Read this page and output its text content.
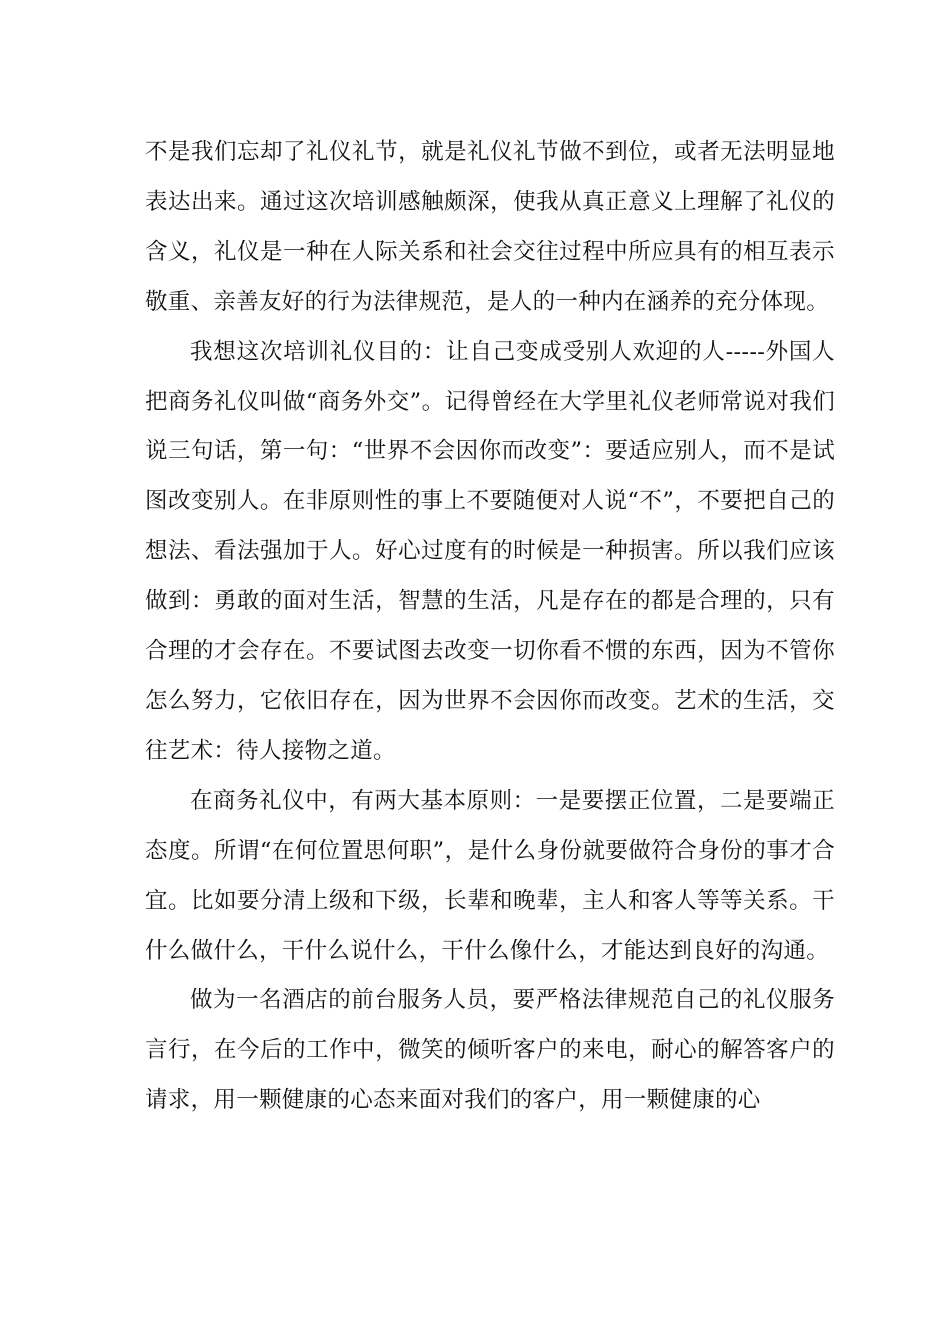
不是我们忘却了礼仪礼节，就是礼仪礼节做不到位，或者无法明显地表达出来。通过这次培训感触颇深，使我从真正意义上理解了礼仪的含义，礼仪是一种在人际关系和社会交往过程中所应具有的相互表示敬重、亲善友好的行为法律规范，是人的一种内在涵养的充分体现。

我想这次培训礼仪目的：让自己变成受别人欢迎的人-----外国人把商务礼仪叫做“商务外交”。记得曾经在大学里礼仪老师常说对我们说三句话，第一句：“世界不会因你而改变”：要适应别人，而不是试图改变别人。在非原则性的事上不要随便对人说“不”，不要把自己的想法、看法强加于人。好心过度有的时候是一种损害。所以我们应该做到：勇敢的面对生活，智慧的生活，凡是存在的都是合理的，只有合理的才会存在。不要试图去改变一切你看不惯的东西，因为不管你怎么努力，它依旧存在，因为世界不会因你而改变。艺术的生活，交往艺术：待人接物之道。

在商务礼仪中，有两大基本原则：一是要摆正位置，二是要端正态度。所谓“在何位置思何职”，是什么身份就要做符合身份的事才合宜。比如要分清上级和下级，长辈和晚辈，主人和客人等等关系。干什么做什么，干什么说什么，干什么像什么，才能达到良好的沟通。

做为一名酒店的前台服务人员，要严格法律规范自己的礼仪服务言行，在今后的工作中，微笑的倾听客户的来电，耐心的解答客户的请求，用一颗健康的心态来面对我们的客户，用一颗健康的心
